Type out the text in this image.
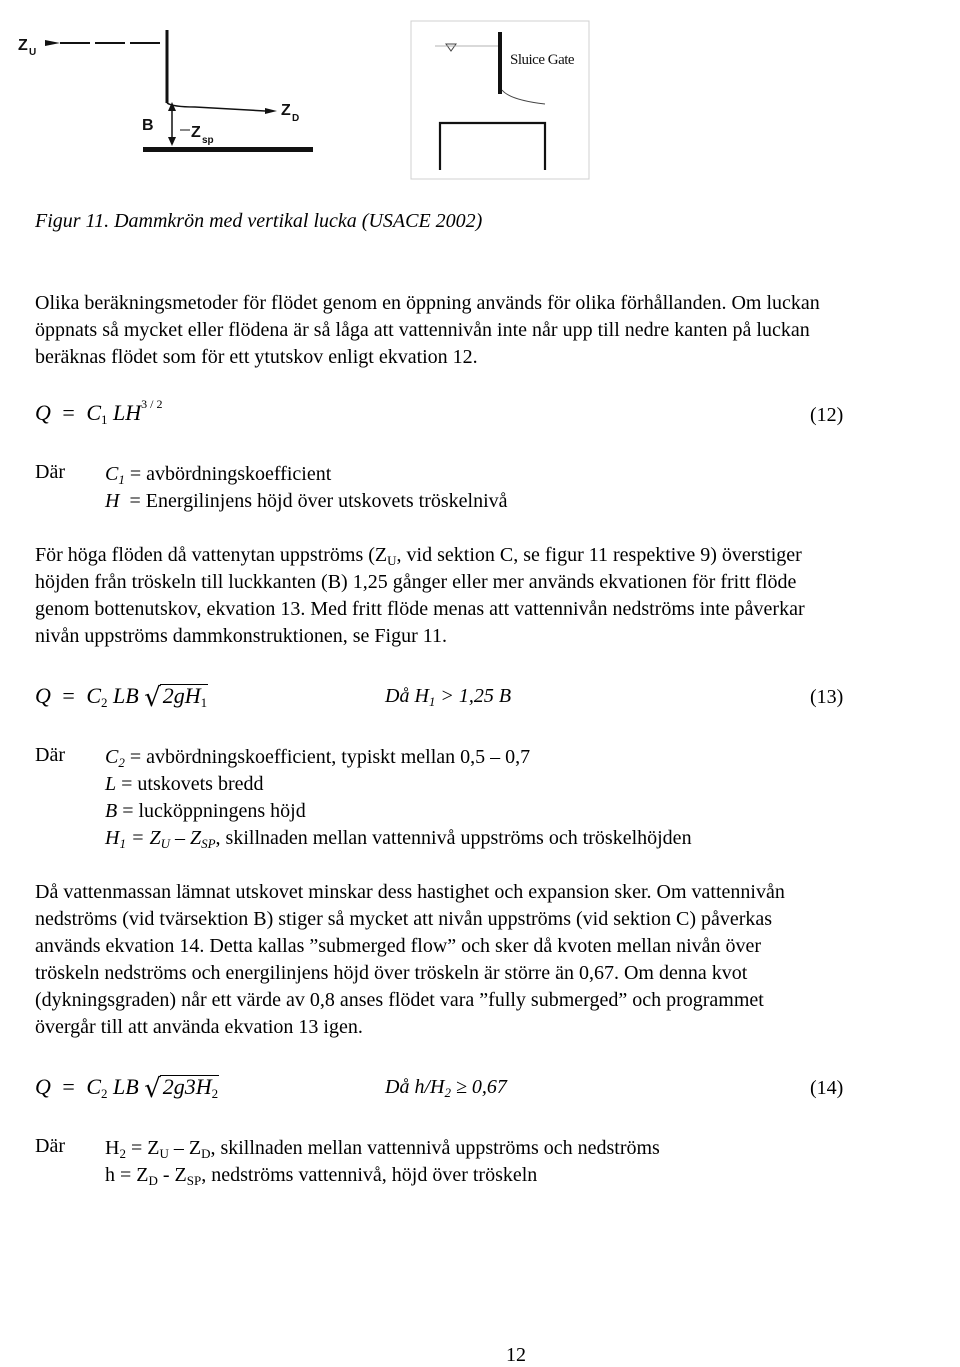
Z U
B
Z D
Z sp
Sluice Gate
Figur 11. Dammkrön med vertikal lucka (USACE 2002)
Olika beräkningsmetoder för flödet genom en öppning används för olika förhållanden. Om luckan
öppnats så mycket eller flödena är så låga att vattennivån inte når upp till nedre kanten på luckan
beräknas flödet som för ett ytutskov enligt ekvation 12.
$Q = C_1$ $LH^{3 / 2}$	(12)
Där $C_1$ = avbördningskoefficient
H  = Energilinjens höjd över utskovets tröskelnivå
För höga flöden då vattenytan uppströms ($Z_U$, vid sektion C, se figur 11 respektive 9) överstiger
höjden från tröskeln till luckkanten (B) 1,25 gånger eller mer används ekvationen för fritt flöde
genom bottenutskov, ekvation 13. Med fritt flöde menas att vattennivån nedströms inte påverkar
nivån uppströms dammkonstruktionen, se Figur 11.
$Q = C_2$ LB $√2gH_1$	Då $H_1 > 1,25$ B	(13)
Där $C_2$ = avbördningskoefficient, typiskt mellan 0,5 – 0,7
L = utskovets bredd
B = lucköppningens höjd
$H_1 = Z_U - Z_{SP}$, skillnaden mellan vattennivå uppströms och tröskelhöjden
Då vattenmassan lämnat utskovet minskar dess hastighet och expansion sker. Om vattennivån
nedströms (vid tvärsektion B) stiger så mycket att nivån uppströms (vid sektion C) påverkas
används ekvation 14. Detta kallas ”submerged flow” och sker då kvoten mellan nivån över
tröskeln nedströms och energilinjens höjd över tröskeln är större än 0,67. Om denna kvot
(dykningsgraden) når ett värde av 0,8 anses flödet vara ”fully submerged” och programmet
övergår till att använda ekvation 13 igen.
$Q = C_2$ LB $√2g3H_2$	Då $h/H_2 \ge 0,67$	(14)
Där $H_2 = Z_U - Z_D$, skillnaden mellan vattennivå uppströms och nedströms
$h = Z_D - Z_{SP}$, nedströms vattennivå, höjd över tröskeln
12
